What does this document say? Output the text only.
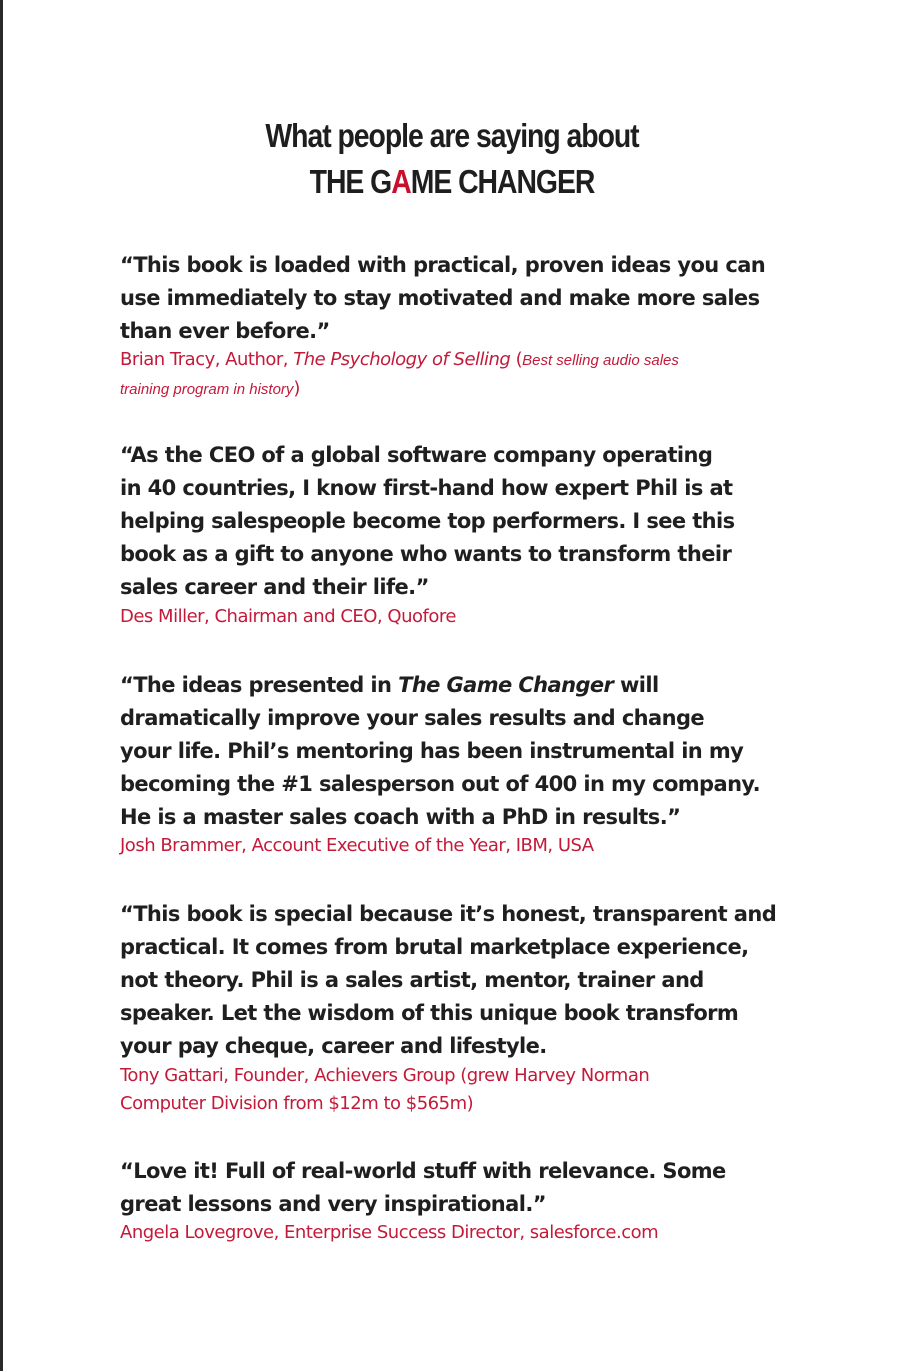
What people are saying about
THE GAME CHANGER
“This book is loaded with practical, proven ideas you can
use immediately to stay motivated and make more sales
than ever before.”
Brian Tracy, Author, The Psychology of Selling (Best selling audio sales
training program in history)
“As the CEO of a global software company operating
in 40 countries, I know first-hand how expert Phil is at
helping salespeople become top performers. I see this
book as a gift to anyone who wants to transform their
sales career and their life.”
Des Miller, Chairman and CEO, Quofore
“The ideas presented in The Game Changer will
dramatically improve your sales results and change
your life. Phil’s mentoring has been instrumental in my
becoming the #1 salesperson out of 400 in my company.
He is a master sales coach with a PhD in results.”
Josh Brammer, Account Executive of the Year, IBM, USA
“This book is special because it’s honest, transparent and
practical. It comes from brutal marketplace experience,
not theory. Phil is a sales artist, mentor, trainer and
speaker. Let the wisdom of this unique book transform
your pay cheque, career and lifestyle.
Tony Gattari, Founder, Achievers Group (grew Harvey Norman
Computer Division from $12m to $565m)
“Love it! Full of real-world stuff with relevance. Some
great lessons and very inspirational.”
Angela Lovegrove, Enterprise Success Director, salesforce.com
